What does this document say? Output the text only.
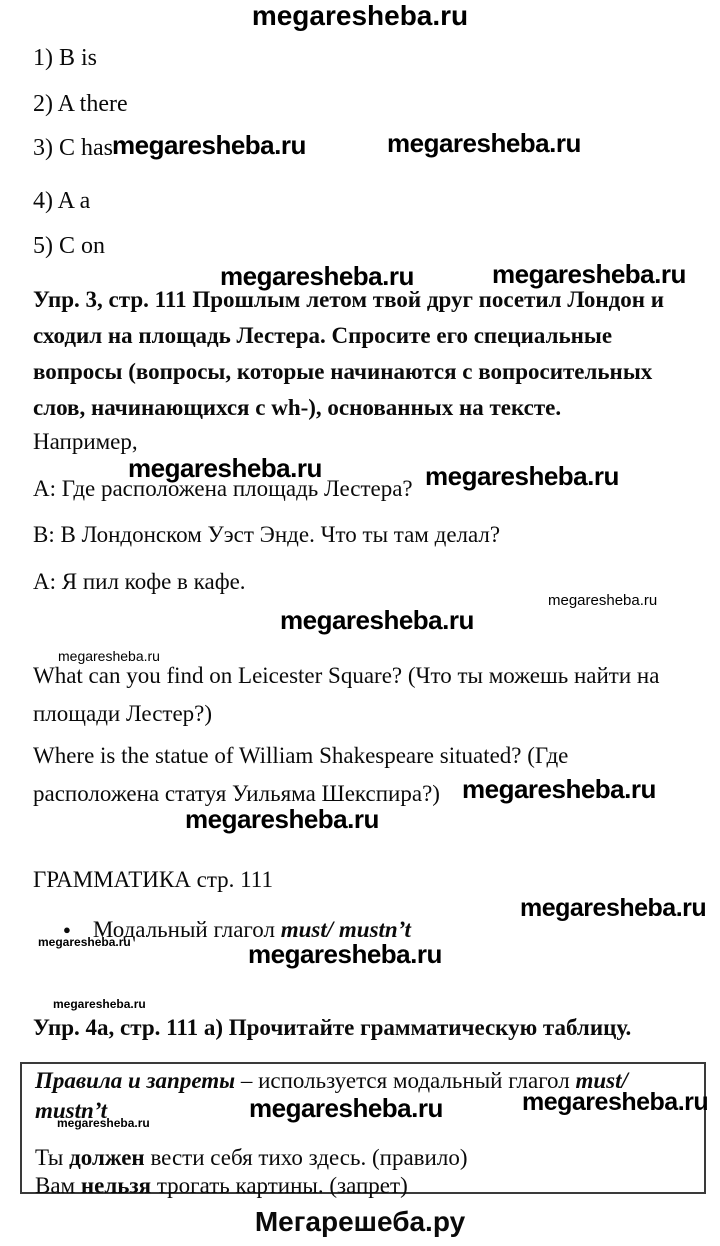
megaresheba.ru
1) B is
2) A there
3) C has
4) A a
5) C on
megaresheba.ru	megaresheba.ru
megaresheba.ru	megaresheba.ru
Упр. 3, стр. 111 Прошлым летом твой друг посетил Лондон и
сходил на площадь Лестера. Спросите его специальные
вопросы (вопросы, которые начинаются с вопросительных
слов, начинающихся с wh-), основанных на тексте.
Например,
megaresheba.ru	megaresheba.ru
А: Где расположена площадь Лестера?
В: В Лондонском Уэст Энде. Что ты там делал?
А: Я пил кофе в кафе.
megaresheba.ru
megaresheba.ru
megaresheba.ru
What can you find on Leicester Square? (Что ты можешь найти на
площади Лестер?)
Where is the statue of William Shakespeare situated? (Где
расположена статуя Уильяма Шекспира?) megaresheba.ru
megaresheba.ru
ГРАММАТИКА стр. 111
megaresheba.ru
● Модальный глагол must/ mustn’t
megaresheba.ru	megaresheba.ru
megaresheba.ru
Упр. 4а, стр. 111 а) Прочитайте грамматическую таблицу.
Правила и запреты – используется модальный глагол must/
mustn’t	megaresheba.ru	megaresheba.ru
megaresheba.ru
Ты должен вести себя тихо здесь. (правило)
Вам нельзя трогать картины. (запрет)
Мегарешеба.ру
